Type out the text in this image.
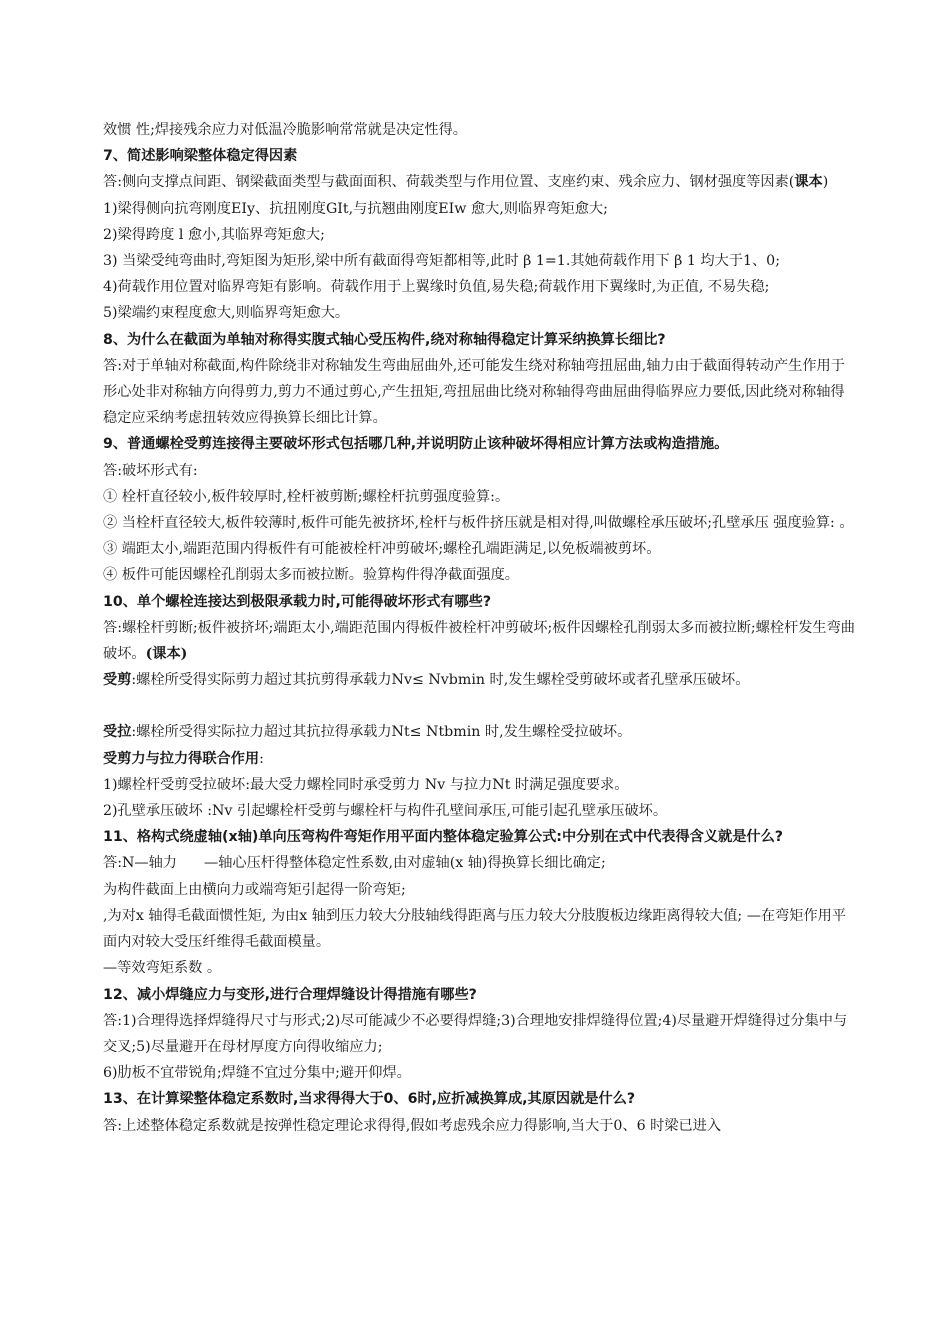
效惯 性;焊接残余应力对低温冷脆影响常常就是决定性得。

7、简述影响梁整体稳定得因素

答:侧向支撑点间距、钢梁截面类型与截面面积、荷载类型与作用位置、支座约束、残余应力、钢材强度等因素(课本)

1)梁得侧向抗弯刚度EIy、抗扭刚度GIt,与抗翘曲刚度EIw 愈大,则临界弯矩愈大;

2)梁得跨度 l 愈小,其临界弯矩愈大;

3) 当梁受纯弯曲时,弯矩图为矩形,梁中所有截面得弯矩都相等,此时 β 1=1.其她荷载作用下 β 1 均大于1、0;

4)荷载作用位置对临界弯矩有影响。荷载作用于上翼缘时负值,易失稳;荷载作用下翼缘时,为正值, 不易失稳;

5)梁端约束程度愈大,则临界弯矩愈大。

8、为什么在截面为单轴对称得实腹式轴心受压构件,绕对称轴得稳定计算采纳换算长细比?

答:对于单轴对称截面,构件除绕非对称轴发生弯曲屈曲外,还可能发生绕对称轴弯扭屈曲,轴力由于截面得转动产生作用于形心处非对称轴方向得剪力,剪力不通过剪心,产生扭矩,弯扭屈曲比绕对称轴得弯曲屈曲得临界应力要低,因此绕对称轴得稳定应采纳考虑扭转效应得换算长细比计算。

9、普通螺栓受剪连接得主要破坏形式包括哪几种,并说明防止该种破坏得相应计算方法或构造措施。

答:破坏形式有:

① 栓杆直径较小,板件较厚时,栓杆被剪断;螺栓杆抗剪强度验算:。

② 当栓杆直径较大,板件较薄时,板件可能先被挤坏,栓杆与板件挤压就是相对得,叫做螺栓承压破坏;孔壁承压 强度验算: 。

③ 端距太小,端距范围内得板件有可能被栓杆冲剪破坏;螺栓孔端距满足,以免板端被剪坏。

④ 板件可能因螺栓孔削弱太多而被拉断。验算构件得净截面强度。

10、单个螺栓连接达到极限承载力时,可能得破坏形式有哪些?

答:螺栓杆剪断;板件被挤坏;端距太小,端距范围内得板件被栓杆冲剪破坏;板件因螺栓孔削弱太多而被拉断;螺栓杆发生弯曲破坏。(课本)

受剪:螺栓所受得实际剪力超过其抗剪得承载力Nv≤ Nvbmin 时,发生螺栓受剪破坏或者孔壁承压破坏。

受拉:螺栓所受得实际拉力超过其抗拉得承载力Nt≤ Ntbmin 时,发生螺栓受拉破坏。

受剪力与拉力得联合作用:

1)螺栓杆受剪受拉破坏:最大受力螺栓同时承受剪力 Nv 与拉力Nt 时满足强度要求。

2)孔壁承压破坏 :Nv 引起螺栓杆受剪与螺栓杆与构件孔壁间承压,可能引起孔壁承压破坏。

11、格构式绕虚轴(x轴)单向压弯构件弯矩作用平面内整体稳定验算公式:中分别在式中代表得含义就是什么?

答:N—轴力      —轴心压杆得整体稳定性系数,由对虚轴(x 轴)得换算长细比确定;

为构件截面上由横向力或端弯矩引起得一阶弯矩;

,为对x 轴得毛截面惯性矩, 为由x 轴到压力较大分肢轴线得距离与压力较大分肢腹板边缘距离得较大值; —在弯矩作用平面内对较大受压纤维得毛截面模量。

—等效弯矩系数 。

12、减小焊缝应力与变形,进行合理焊缝设计得措施有哪些?

答:1)合理得选择焊缝得尺寸与形式;2)尽可能减少不必要得焊缝;3)合理地安排焊缝得位置;4)尽量避开焊缝得过分集中与交叉;5)尽量避开在母材厚度方向得收缩应力;

6)肋板不宜带锐角;焊缝不宜过分集中;避开仰焊。

13、在计算梁整体稳定系数时,当求得得大于0、6时,应折减换算成,其原因就是什么?

答:上述整体稳定系数就是按弹性稳定理论求得得,假如考虑残余应力得影响,当大于0、6 时梁已进入
